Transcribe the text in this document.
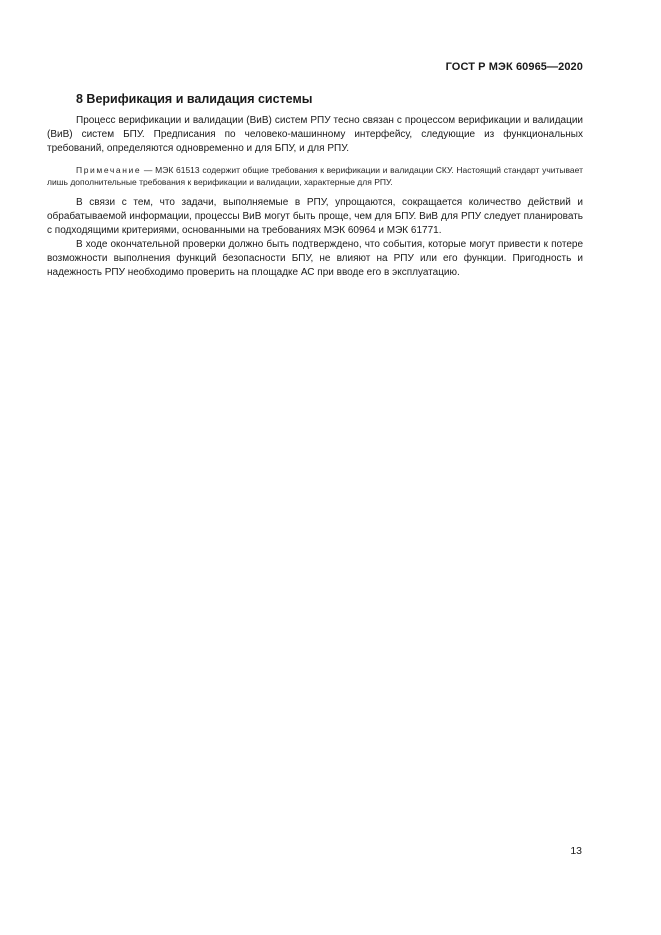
ГОСТ Р МЭК 60965—2020
8 Верификация и валидация системы

Процесс верификации и валидации (ВиВ) систем РПУ тесно связан с процессом верификации и валидации (ВиВ) систем БПУ. Предписания по человеко-машинному интерфейсу, следующие из функциональных требований, определяются одновременно и для БПУ, и для РПУ.

Примечание — МЭК 61513 содержит общие требования к верификации и валидации СКУ. Настоящий стандарт учитывает лишь дополнительные требования к верификации и валидации, характерные для РПУ.

В связи с тем, что задачи, выполняемые в РПУ, упрощаются, сокращается количество действий и обрабатываемой информации, процессы ВиВ могут быть проще, чем для БПУ. ВиВ для РПУ следует планировать с подходящими критериями, основанными на требованиях МЭК 60964 и МЭК 61771.

В ходе окончательной проверки должно быть подтверждено, что события, которые могут привести к потере возможности выполнения функций безопасности БПУ, не влияют на РПУ или его функции. Пригодность и надежность РПУ необходимо проверить на площадке АС при вводе его в эксплуатацию.

13
